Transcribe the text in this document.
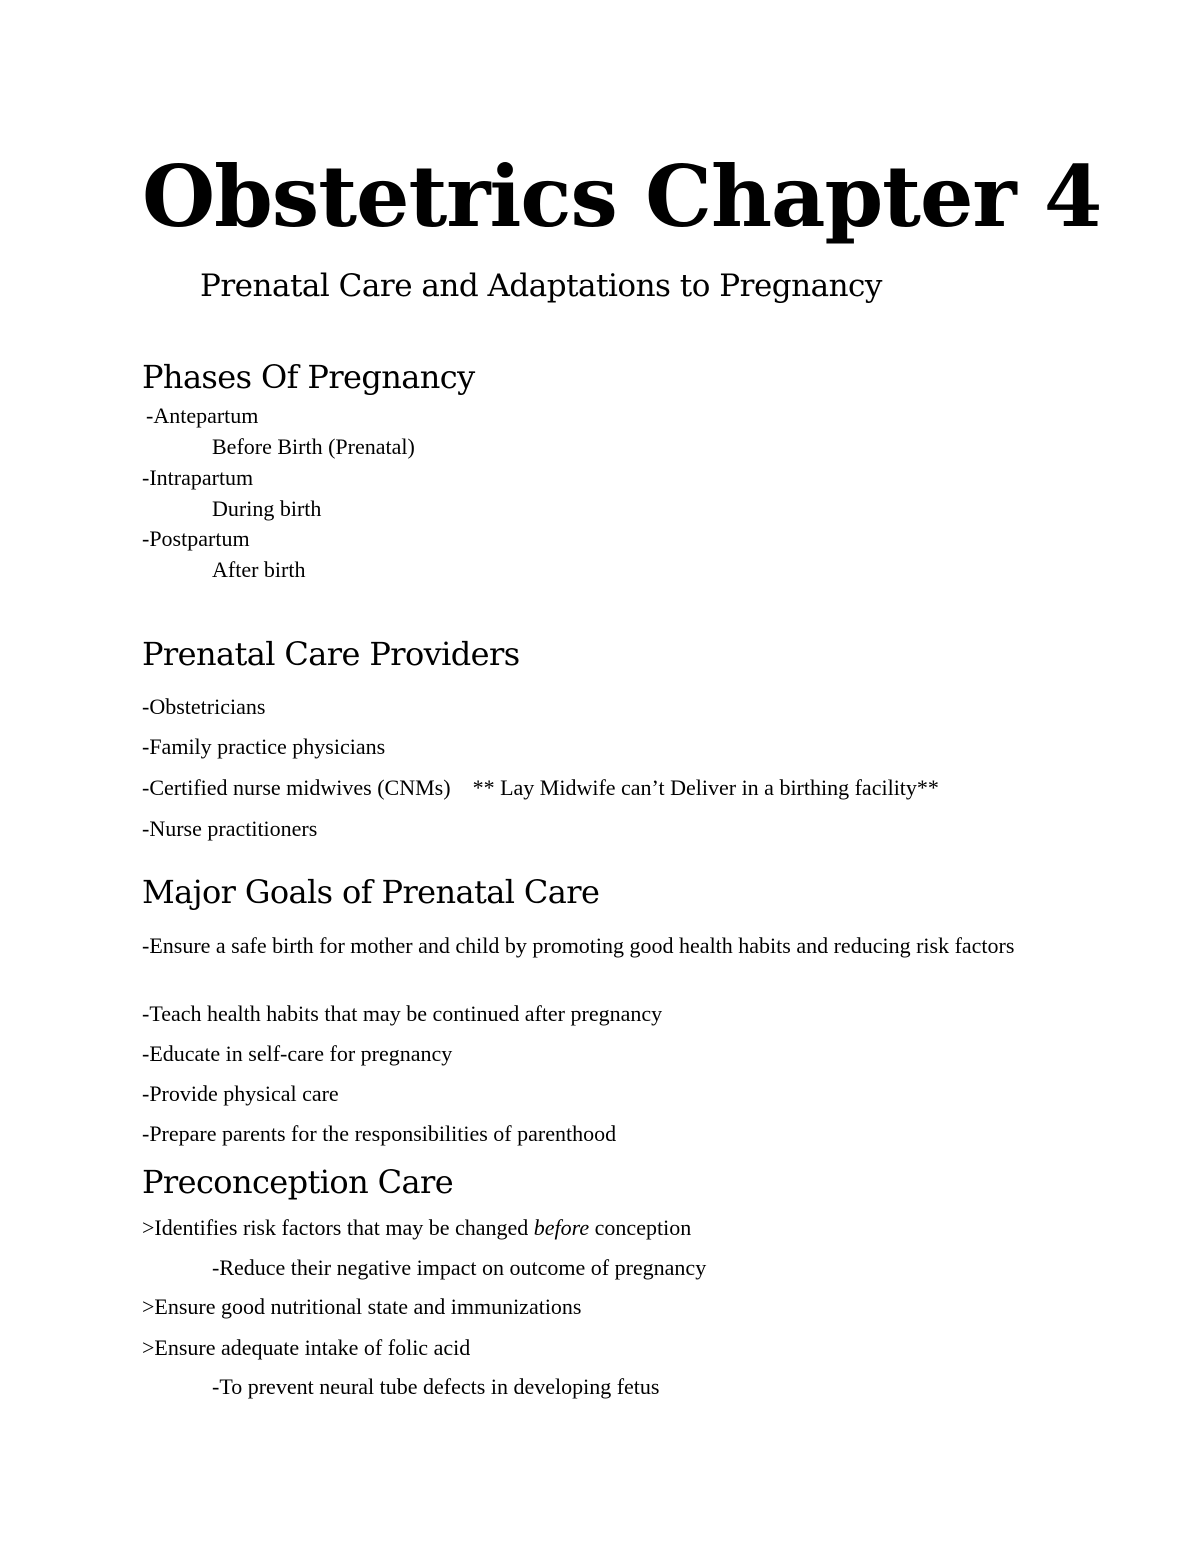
Obstetrics Chapter 4
Prenatal Care and Adaptations to Pregnancy
Phases Of Pregnancy
-Antepartum
Before Birth (Prenatal)
-Intrapartum
During birth
-Postpartum
After birth
Prenatal Care Providers
-Obstetricians
-Family practice physicians
-Certified nurse midwives (CNMs) ** Lay Midwife can’t Deliver in a birthing facility**
-Nurse practitioners
Major Goals of Prenatal Care
-Ensure a safe birth for mother and child by promoting good health habits and reducing risk factors
-Teach health habits that may be continued after pregnancy
-Educate in self-care for pregnancy
-Provide physical care
-Prepare parents for the responsibilities of parenthood
Preconception Care
>Identifies risk factors that may be changed before conception
-Reduce their negative impact on outcome of pregnancy
>Ensure good nutritional state and immunizations
>Ensure adequate intake of folic acid
-To prevent neural tube defects in developing fetus
